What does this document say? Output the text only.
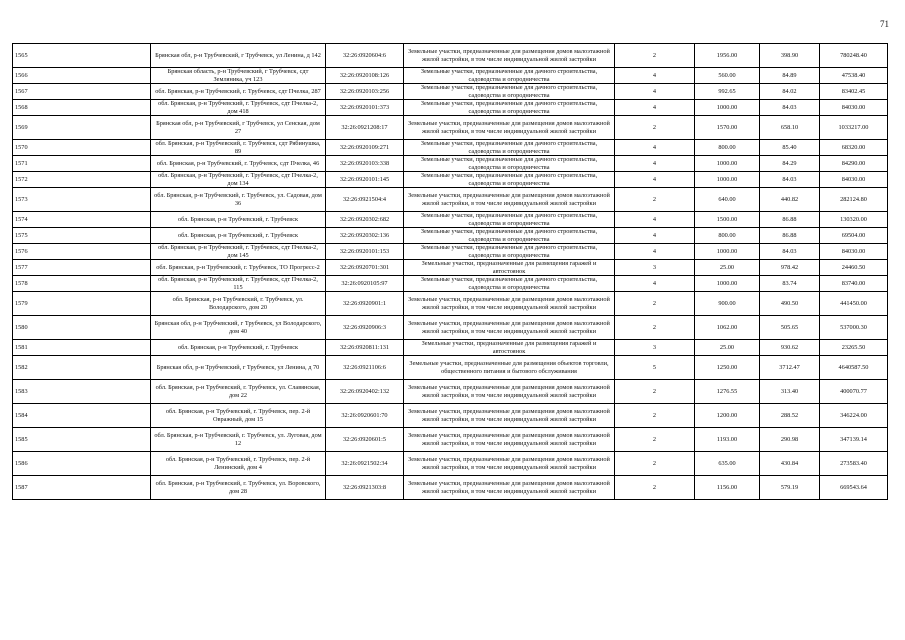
71
1565	Брянская обл, р-н Трубчевский, г Трубчевск, ул Ленина, д 142	32:26:0920604:6	Земельные участки, предназначенные для размещения домов малоэтажной жилой застройки, в том числе индивидуальной жилой застройки	2	1956.00	398.90	780248.40
1566	Брянская область, р-н Трубчевский, г Трубчевск, сдт Земляника, уч 123	32:26:0920108:126	Земельные участки, предназначенные для дачного строительства, садоводства и огородничества	4	560.00	84.89	47538.40
1567	обл. Брянская, р-н Трубчевский, г. Трубчевск, сдт Пчелка, 287	32:26:0920103:256	Земельные участки, предназначенные для дачного строительства, садоводства и огородничества	4	992.65	84.02	83402.45
1568	обл. Брянская, р-н Трубчевский, г. Трубчевск, сдт Пчелка-2, дом 418	32:26:0920101:373	Земельные участки, предназначенные для дачного строительства, садоводства и огородничества	4	1000.00	84.03	84030.00
1569	Брянская обл, р-н Трубчевский, г Трубчевск, ул Сенская, дом 27	32:26:0921208:17	Земельные участки, предназначенные для размещения домов малоэтажной жилой застройки, в том числе индивидуальной жилой застройки	2	1570.00	658.10	1033217.00
1570	обл. Брянская, р-н Трубчевский, г. Трубчевск, сдт Рябинушка, 89	32:26:0920109:271	Земельные участки, предназначенные для дачного строительства, садоводства и огородничества	4	800.00	85.40	68320.00
1571	обл. Брянская, р-н Трубчевский, г. Трубчевск, сдт Пчелка, 46	32:26:0920103:338	Земельные участки, предназначенные для дачного строительства, садоводства и огородничества	4	1000.00	84.29	84290.00
1572	обл. Брянская, р-н Трубчевский, г. Трубчевск, сдт Пчелка-2, дом 134	32:26:0920101:145	Земельные участки, предназначенные для дачного строительства, садоводства и огородничества	4	1000.00	84.03	84030.00
1573	обл. Брянская, р-н Трубчевский, г. Трубчевск, ул. Садовая, дом 36	32:26:0921504:4	Земельные участки, предназначенные для размещения домов малоэтажной жилой застройки, в том числе индивидуальной жилой застройки	2	640.00	440.82	282124.80
1574	обл. Брянская, р-н Трубчевский, г. Трубчевск	32:26:0920302:682	Земельные участки, предназначенные для дачного строительства, садоводства и огородничества	4	1500.00	86.88	130320.00
1575	обл. Брянская, р-н Трубчевский, г. Трубчевск	32:26:0920302:136	Земельные участки, предназначенные для дачного строительства, садоводства и огородничества	4	800.00	86.88	69504.00
1576	обл. Брянская, р-н Трубчевский, г. Трубчевск, сдт Пчелка-2, дом 145	32:26:0920101:153	Земельные участки, предназначенные для дачного строительства, садоводства и огородничества	4	1000.00	84.03	84030.00
1577	обл. Брянская, р-н Трубчевский, г. Трубчевск, ТО Прогресс-2	32:26:0920701:301	Земельные участки, предназначенные для размещения гаражей и автостоянок	3	25.00	978.42	24460.50
1578	обл. Брянская, р-н Трубчевский, г. Трубчевск, сдт Пчелка-2, 115	32:26:0920105:97	Земельные участки, предназначенные для дачного строительства, садоводства и огородничества	4	1000.00	83.74	83740.00
1579	обл. Брянская, р-н Трубчевский, г. Трубчевск, ул. Володарского, дом 20	32:26:0920901:1	Земельные участки, предназначенные для размещения домов малоэтажной жилой застройки, в том числе индивидуальной жилой застройки	2	900.00	490.50	441450.00
1580	Брянская обл, р-н Трубчевский, г Трубчевск, ул Володарского, дом 40	32:26:0920906:3	Земельные участки, предназначенные для размещения домов малоэтажной жилой застройки, в том числе индивидуальной жилой застройки	2	1062.00	505.65	537000.30
1581	обл. Брянская, р-н Трубчевский, г. Трубчевск	32:26:0920811:131	Земельные участки, предназначенные для размещения гаражей и автостоянок	3	25.00	930.62	23265.50
1582	Брянская обл, р-н Трубчевский, г Трубчевск, ул Ленина, д 70	32:26:0921106:6	Земельные участки, предназначенные для размещения объектов торговли, общественного питания и бытового обслуживания	5	1250.00	3712.47	4640587.50
1583	обл. Брянская, р-н Трубчевский, г. Трубчевск, ул. Славянская, дом 22	32:26:0920402:132	Земельные участки, предназначенные для размещения домов малоэтажной жилой застройки, в том числе индивидуальной жилой застройки	2	1276.55	313.40	400070.77
1584	обл. Брянская, р-н Трубчевский, г. Трубчевск, пер. 2-й Овражный, дом 15	32:26:0920601:70	Земельные участки, предназначенные для размещения домов малоэтажной жилой застройки, в том числе индивидуальной жилой застройки	2	1200.00	288.52	346224.00
1585	обл. Брянская, р-н Трубчевский, г. Трубчевск, ул. Луговая, дом 12	32:26:0920601:5	Земельные участки, предназначенные для размещения домов малоэтажной жилой застройки, в том числе индивидуальной жилой застройки	2	1193.00	290.98	347139.14
1586	обл. Брянская, р-н Трубчевский, г. Трубчевск, пер. 2-й Ленинский, дом 4	32:26:0921502:34	Земельные участки, предназначенные для размещения домов малоэтажной жилой застройки, в том числе индивидуальной жилой застройки	2	635.00	430.84	273583.40
1587	обл. Брянская, р-н Трубчевский, г. Трубчевск, ул. Воровского, дом 28	32:26:0921303:8	Земельные участки, предназначенные для размещения домов малоэтажной жилой застройки, в том числе индивидуальной жилой застройки	2	1156.00	579.19	669543.64
